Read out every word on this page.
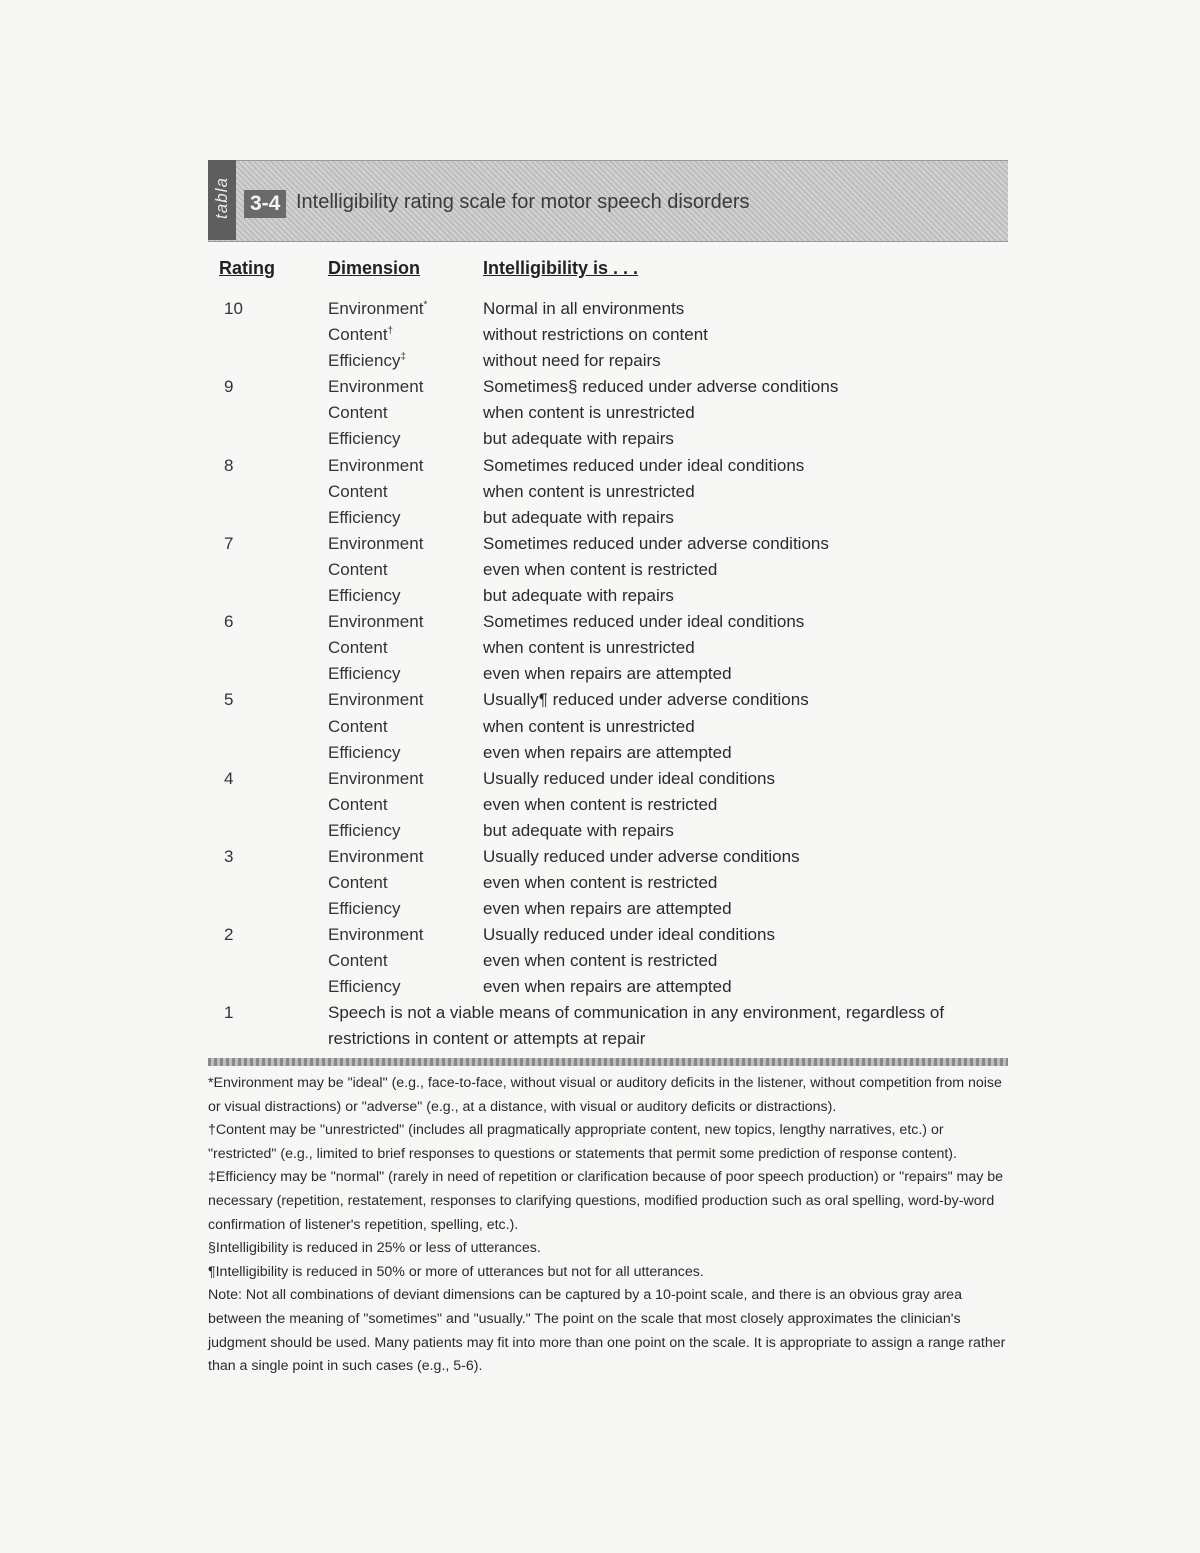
tabla 3-4 Intelligibility rating scale for motor speech disorders
Rating	Dimension	Intelligibility is . . .
10	Environment*	Normal in all environments
Content†	without restrictions on content
Efficiency‡	without need for repairs
9	Environment	Sometimes§ reduced under adverse conditions
Content	when content is unrestricted
Efficiency	but adequate with repairs
8	Environment	Sometimes reduced under ideal conditions
Content	when content is unrestricted
Efficiency	but adequate with repairs
7	Environment	Sometimes reduced under adverse conditions
Content	even when content is restricted
Efficiency	but adequate with repairs
6	Environment	Sometimes reduced under ideal conditions
Content	when content is unrestricted
Efficiency	even when repairs are attempted
5	Environment	Usually¶ reduced under adverse conditions
Content	when content is unrestricted
Efficiency	even when repairs are attempted
4	Environment	Usually reduced under ideal conditions
Content	even when content is restricted
Efficiency	but adequate with repairs
3	Environment	Usually reduced under adverse conditions
Content	even when content is restricted
Efficiency	even when repairs are attempted
2	Environment	Usually reduced under ideal conditions
Content	even when content is restricted
Efficiency	even when repairs are attempted
1	Speech is not a viable means of communication in any environment, regardless of restrictions in content or attempts at repair

*Environment may be "ideal" (e.g., face-to-face, without visual or auditory deficits in the listener, without competition from noise or visual distractions) or "adverse" (e.g., at a distance, with visual or auditory deficits or distractions).

†Content may be "unrestricted" (includes all pragmatically appropriate content, new topics, lengthy narratives, etc.) or "restricted" (e.g., limited to brief responses to questions or statements that permit some prediction of response content).

‡Efficiency may be "normal" (rarely in need of repetition or clarification because of poor speech production) or "repairs" may be necessary (repetition, restatement, responses to clarifying questions, modified production such as oral spelling, word-by-word confirmation of listener's repetition, spelling, etc.).

§Intelligibility is reduced in 25% or less of utterances.

¶Intelligibility is reduced in 50% or more of utterances but not for all utterances.

Note: Not all combinations of deviant dimensions can be captured by a 10-point scale, and there is an obvious gray area between the meaning of "sometimes" and "usually." The point on the scale that most closely approximates the clinician's judgment should be used. Many patients may fit into more than one point on the scale. It is appropriate to assign a range rather than a single point in such cases (e.g., 5-6).
